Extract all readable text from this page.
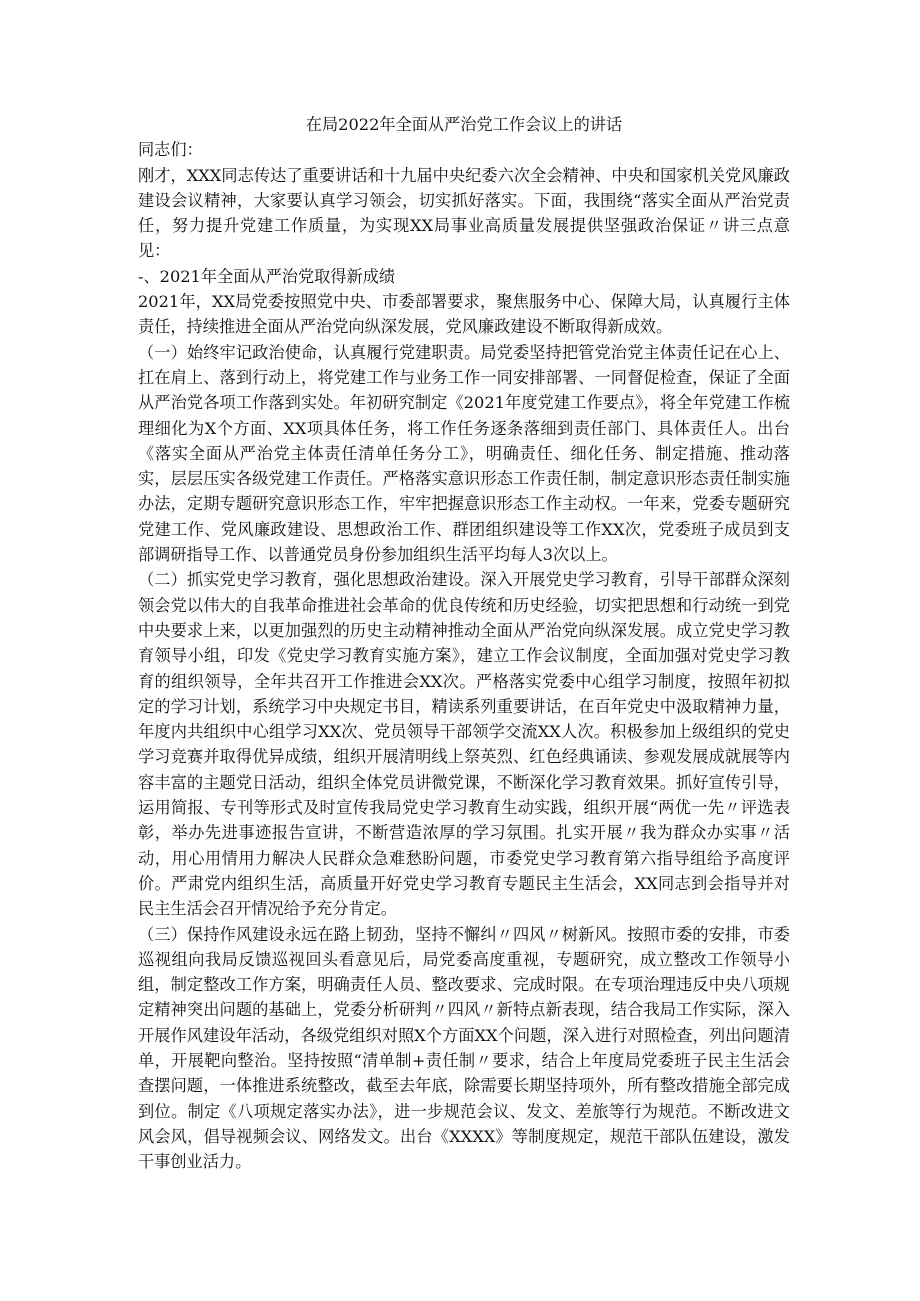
在局2022年全面从严治党工作会议上的讲话

同志们：

刚才，XXX同志传达了重要讲话和十九届中央纪委六次全会精神、中央和国家机关党风廉政建设会议精神，大家要认真学习领会，切实抓好落实。下面，我围绕“落实全面从严治党责任，努力提升党建工作质量，为实现XX局事业高质量发展提供坚强政治保证〃讲三点意见：

-、2021年全面从严治党取得新成绩

2021年，XX局党委按照党中央、市委部署要求，聚焦服务中心、保障大局，认真履行主体责任，持续推进全面从严治党向纵深发展，党风廉政建设不断取得新成效。

（一）始终牢记政治使命，认真履行党建职责。局党委坚持把管党治党主体责任记在心上、扛在肩上、落到行动上，将党建工作与业务工作一同安排部署、一同督促检查，保证了全面从严治党各项工作落到实处。年初研究制定《2021年度党建工作要点》，将全年党建工作梳理细化为X个方面、XX项具体任务，将工作任务逐条落细到责任部门、具体责任人。出台《落实全面从严治党主体责任清单任务分工》，明确责任、细化任务、制定措施、推动落实，层层压实各级党建工作责任。严格落实意识形态工作责任制，制定意识形态责任制实施办法，定期专题研究意识形态工作，牢牢把握意识形态工作主动权。一年来，党委专题研究党建工作、党风廉政建设、思想政治工作、群团组织建设等工作XX次，党委班子成员到支部调研指导工作、以普通党员身份参加组织生活平均每人3次以上。

（二）抓实党史学习教育，强化思想政治建设。深入开展党史学习教育，引导干部群众深刻领会党以伟大的自我革命推进社会革命的优良传统和历史经验，切实把思想和行动统一到党中央要求上来，以更加强烈的历史主动精神推动全面从严治党向纵深发展。成立党史学习教育领导小组，印发《党史学习教育实施方案》，建立工作会议制度，全面加强对党史学习教育的组织领导，全年共召开工作推进会XX次。严格落实党委中心组学习制度，按照年初拟定的学习计划，系统学习中央规定书目，精读系列重要讲话，在百年党史中汲取精神力量，年度内共组织中心组学习XX次、党员领导干部领学交流XX人次。积极参加上级组织的党史学习竞赛并取得优异成绩，组织开展清明线上祭英烈、红色经典诵读、参观发展成就展等内容丰富的主题党日活动，组织全体党员讲微党课，不断深化学习教育效果。抓好宣传引导，运用简报、专刊等形式及时宣传我局党史学习教育生动实践，组织开展“两优一先〃评选表彰，举办先进事迹报告宣讲，不断营造浓厚的学习氛围。扎实开展〃我为群众办实事〃活动，用心用情用力解决人民群众急难愁盼问题，市委党史学习教育第六指导组给予高度评价。严肃党内组织生活，高质量开好党史学习教育专题民主生活会，XX同志到会指导并对民主生活会召开情况给予充分肯定。

（三）保持作风建设永远在路上韧劲，坚持不懈纠〃四风〃树新风。按照市委的安排，市委巡视组向我局反馈巡视回头看意见后，局党委高度重视，专题研究，成立整改工作领导小组，制定整改工作方案，明确责任人员、整改要求、完成时限。在专项治理违反中央八项规定精神突出问题的基础上，党委分析研判〃四风〃新特点新表现，结合我局工作实际，深入开展作风建设年活动，各级党组织对照X个方面XX个问题，深入进行对照检查，列出问题清单，开展靶向整治。坚持按照“清单制+责任制〃要求，结合上年度局党委班子民主生活会查摆问题，一体推进系统整改，截至去年底，除需要长期坚持项外，所有整改措施全部完成到位。制定《八项规定落实办法》，进一步规范会议、发文、差旅等行为规范。不断改进文风会风，倡导视频会议、网络发文。出台《XXXX》等制度规定，规范干部队伍建设，激发干事创业活力。
